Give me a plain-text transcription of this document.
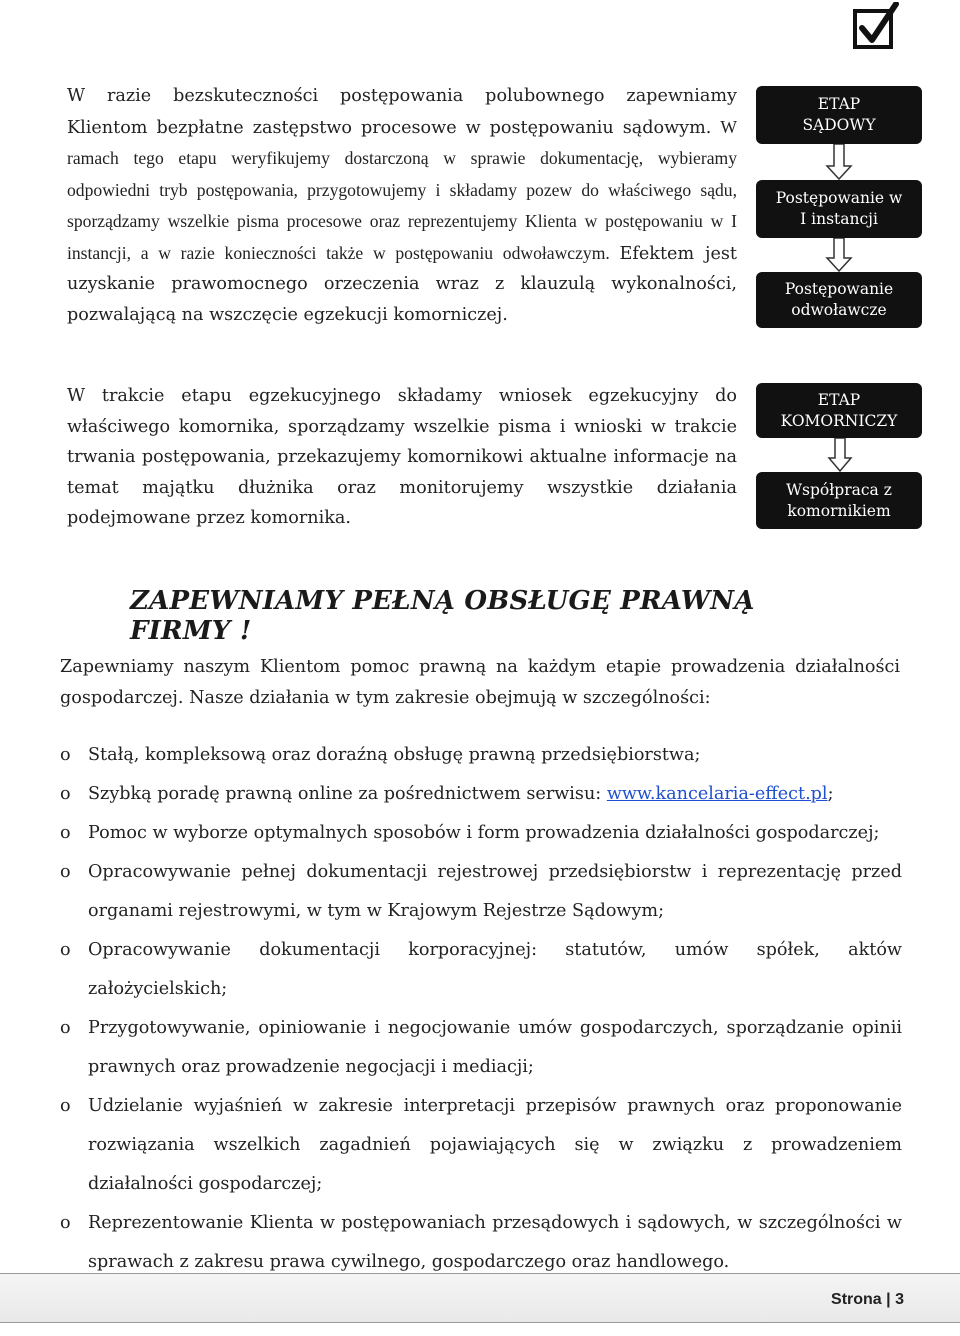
W razie bezskuteczności postępowania polubownego zapewniamy Klientom bezpłatne zastępstwo procesowe w postępowaniu sądowym. W ramach tego etapu weryfikujemy dostarczoną w sprawie dokumentację, wybieramy odpowiedni tryb postępowania, przygotowujemy i składamy pozew do właściwego sądu, sporządzamy wszelkie pisma procesowe oraz reprezentujemy Klienta w postępowaniu w I instancji, a w razie konieczności także w postępowaniu odwoławczym. Efektem jest uzyskanie prawomocnego orzeczenia wraz z klauzulą wykonalności, pozwalającą na wszczęcie egzekucji komorniczej.

ETAP
SĄDOWY
Postępowanie w
I instancji
Postępowanie
odwoławcze

W trakcie etapu egzekucyjnego składamy wniosek egzekucyjny do właściwego komornika, sporządzamy wszelkie pisma i wnioski w trakcie trwania postępowania, przekazujemy komornikowi aktualne informacje na temat majątku dłużnika oraz monitorujemy wszystkie działania podejmowane przez komornika.

ETAP
KOMORNICZY
Współpraca z
komornikiem
ZAPEWNIAMY PEŁNĄ OBSŁUGĘ PRAWNĄ FIRMY !

Zapewniamy naszym Klientom pomoc prawną na każdym etapie prowadzenia działalności gospodarczej. Nasze działania w tym zakresie obejmują w szczególności:

o Stałą, kompleksową oraz doraźną obsługę prawną przedsiębiorstwa;
o Szybką poradę prawną online za pośrednictwem serwisu: www.kancelaria-effect.pl;
o Pomoc w wyborze optymalnych sposobów i form prowadzenia działalności gospodarczej;
o Opracowywanie pełnej dokumentacji rejestrowej przedsiębiorstw i reprezentację przed organami rejestrowymi, w tym w Krajowym Rejestrze Sądowym;
o Opracowywanie dokumentacji korporacyjnej: statutów, umów spółek, aktów założycielskich;
o Przygotowywanie, opiniowanie i negocjowanie umów gospodarczych, sporządzanie opinii prawnych oraz prowadzenie negocjacji i mediacji;
o Udzielanie wyjaśnień w zakresie interpretacji przepisów prawnych oraz proponowanie rozwiązania wszelkich zagadnień pojawiających się w związku z prowadzeniem działalności gospodarczej;
o Reprezentowanie Klienta w postępowaniach przesądowych i sądowych, w szczególności w sprawach z zakresu prawa cywilnego, gospodarczego oraz handlowego.
Strona | 3
